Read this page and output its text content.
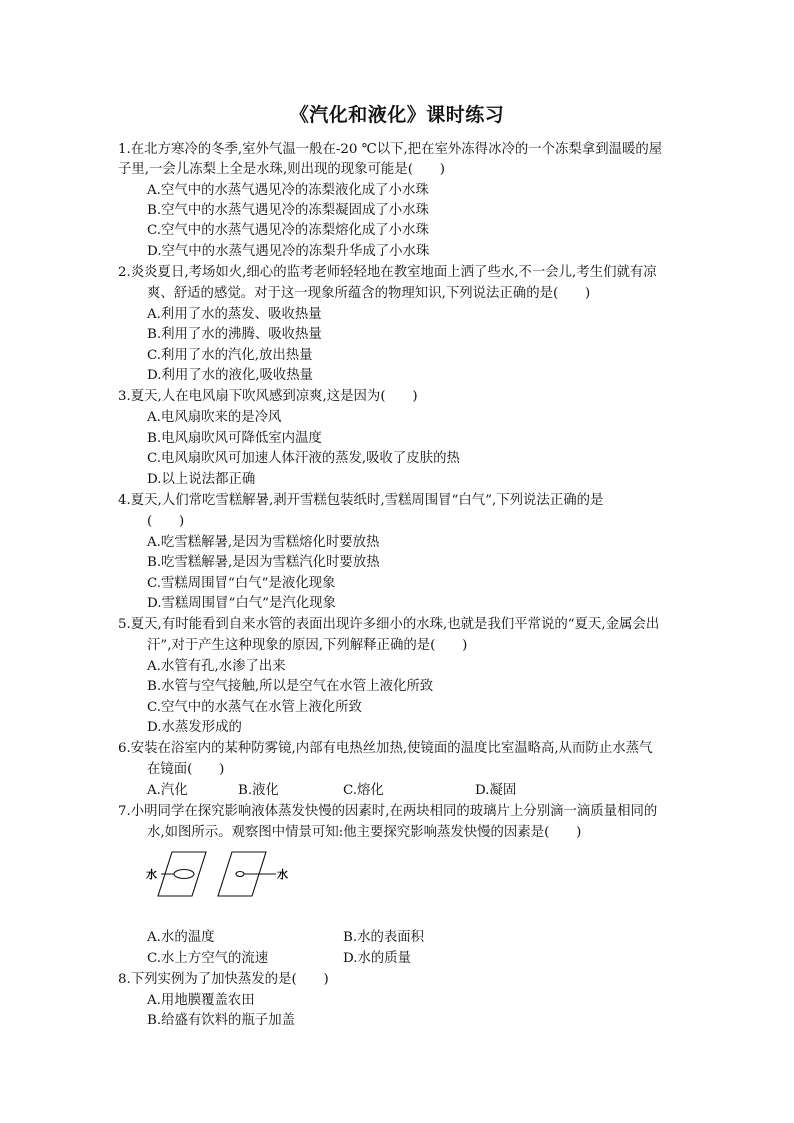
《汽化和液化》课时练习
1.在北方寒冷的冬季,室外气温一般在-20 ℃以下,把在室外冻得冰冷的一个冻梨拿到温暖的屋
子里,一会儿冻梨上全是水珠,则出现的现象可能是(　　)
A.空气中的水蒸气遇见冷的冻梨液化成了小水珠
B.空气中的水蒸气遇见冷的冻梨凝固成了小水珠
C.空气中的水蒸气遇见冷的冻梨熔化成了小水珠
D.空气中的水蒸气遇见冷的冻梨升华成了小水珠
2.炎炎夏日,考场如火,细心的监考老师轻轻地在教室地面上洒了些水,不一会儿,考生们就有凉
爽、舒适的感觉。对于这一现象所蕴含的物理知识,下列说法正确的是(　　)
A.利用了水的蒸发、吸收热量
B.利用了水的沸腾、吸收热量
C.利用了水的汽化,放出热量
D.利用了水的液化,吸收热量
3.夏天,人在电风扇下吹风感到凉爽,这是因为(　　)
A.电风扇吹来的是冷风
B.电风扇吹风可降低室内温度
C.电风扇吹风可加速人体汗液的蒸发,吸收了皮肤的热
D.以上说法都正确
4.夏天,人们常吃雪糕解暑,剥开雪糕包装纸时,雪糕周围冒“白气”,下列说法正确的是
(　　)
A.吃雪糕解暑,是因为雪糕熔化时要放热
B.吃雪糕解暑,是因为雪糕汽化时要放热
C.雪糕周围冒“白气”是液化现象
D.雪糕周围冒“白气”是汽化现象
5.夏天,有时能看到自来水管的表面出现许多细小的水珠,也就是我们平常说的“夏天,金属会出
汗”,对于产生这种现象的原因,下列解释正确的是(　　)
A.水管有孔,水渗了出来
B.水管与空气接触,所以是空气在水管上液化所致
C.空气中的水蒸气在水管上液化所致
D.水蒸发形成的
6.安装在浴室内的某种防雾镜,内部有电热丝加热,使镜面的温度比室温略高,从而防止水蒸气
在镜面(　　)
A.汽化	B.液化	C.熔化	D.凝固
7.小明同学在探究影响液体蒸发快慢的因素时,在两块相同的玻璃片上分别滴一滴质量相同的
水,如图所示。观察图中情景可知:他主要探究影响蒸发快慢的因素是(　　)
水	水
A.水的温度	B.水的表面积
C.水上方空气的流速	D.水的质量
8.下列实例为了加快蒸发的是(　　)
A.用地膜覆盖农田
B.给盛有饮料的瓶子加盖
